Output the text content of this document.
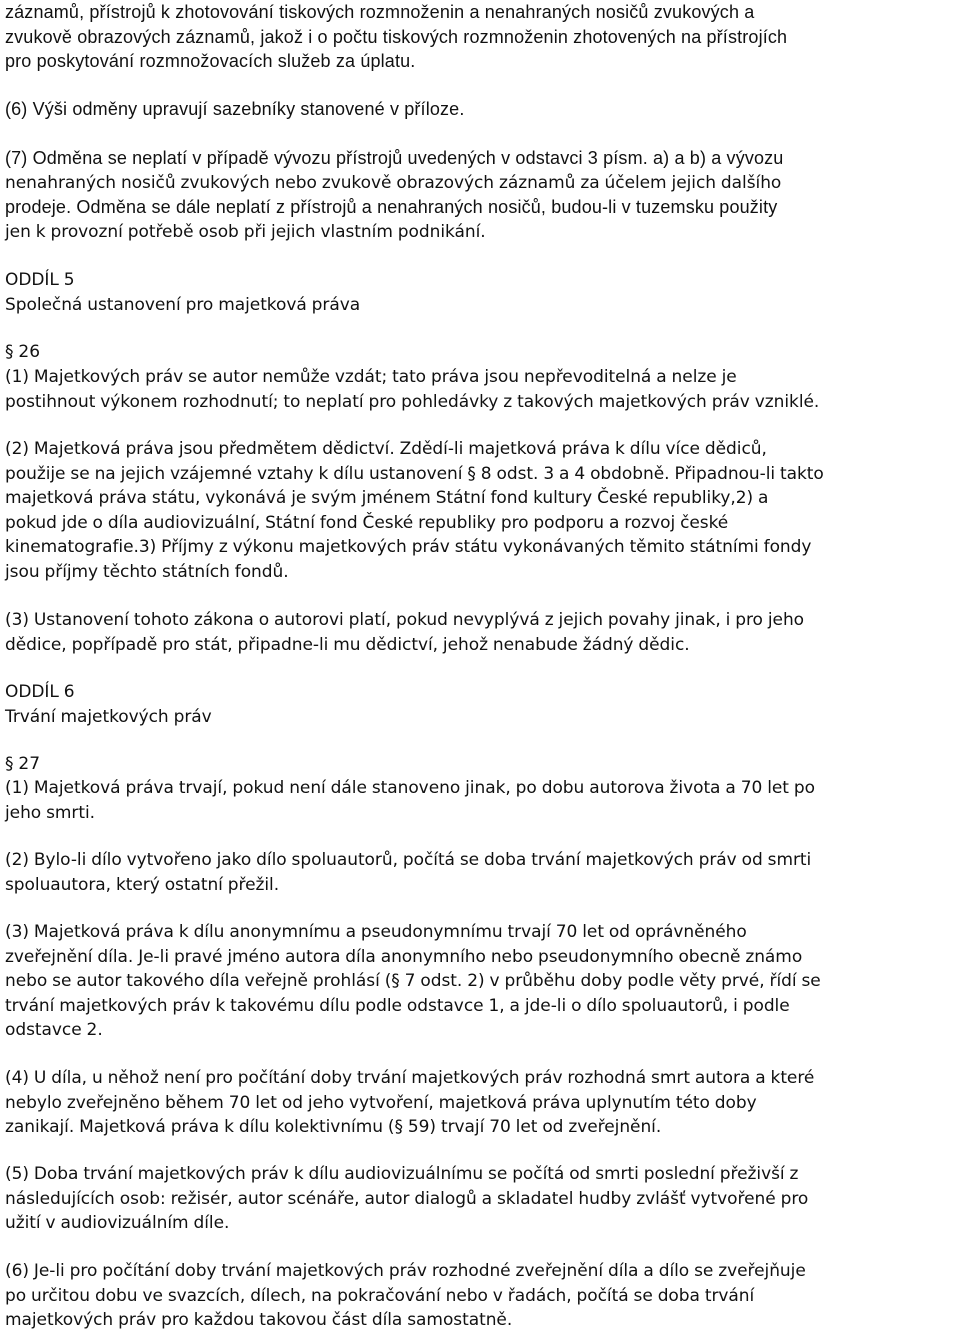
záznamů, přístrojů k zhotovování tiskových rozmnoženin a nenahraných nosičů zvukových a
zvukově obrazových záznamů, jakož i o počtu tiskových rozmnoženin zhotovených na přístrojích
pro poskytování rozmnožovacích služeb za úplatu.
(6) Výši odměny upravují sazebníky stanovené v příloze.
(7) Odměna se neplatí v případě vývozu přístrojů uvedených v odstavci 3 písm. a) a b) a vývozu
nenahraných nosičů zvukových nebo zvukově obrazových záznamů za účelem jejich dalšího
prodeje. Odměna se dále neplatí z přístrojů a nenahraných nosičů, budou-li v tuzemsku použity
jen k provozní potřebě osob při jejich vlastním podnikání.
ODDÍL 5
Společná ustanovení pro majetková práva
§ 26
(1) Majetkových práv se autor nemůže vzdát; tato práva jsou nepřevoditelná a nelze je
postihnout výkonem rozhodnutí; to neplatí pro pohledávky z takových majetkových práv vzniklé.
(2) Majetková práva jsou předmětem dědictví. Zdědí-li majetková práva k dílu více dědiců,
použije se na jejich vzájemné vztahy k dílu ustanovení § 8 odst. 3 a 4 obdobně. Připadnou-li takto
majetková práva státu, vykonává je svým jménem Státní fond kultury České republiky,2) a
pokud jde o díla audiovizuální, Státní fond České republiky pro podporu a rozvoj české
kinematografie.3) Příjmy z výkonu majetkových práv státu vykonávaných těmito státními fondy
jsou příjmy těchto státních fondů.
(3) Ustanovení tohoto zákona o autorovi platí, pokud nevyplývá z jejich povahy jinak, i pro jeho
dědice, popřípadě pro stát, připadne-li mu dědictví, jehož nenabude žádný dědic.
ODDÍL 6
Trvání majetkových práv
§ 27
(1) Majetková práva trvají, pokud není dále stanoveno jinak, po dobu autorova života a 70 let po
jeho smrti.
(2) Bylo-li dílo vytvořeno jako dílo spoluautorů, počítá se doba trvání majetkových práv od smrti
spoluautora, který ostatní přežil.
(3) Majetková práva k dílu anonymnímu a pseudonymnímu trvají 70 let od oprávněného
zveřejnění díla. Je-li pravé jméno autora díla anonymního nebo pseudonymního obecně známo
nebo se autor takového díla veřejně prohlásí (§ 7 odst. 2) v průběhu doby podle věty prvé, řídí se
trvání majetkových práv k takovému dílu podle odstavce 1, a jde-li o dílo spoluautorů, i podle
odstavce 2.
(4) U díla, u něhož není pro počítání doby trvání majetkových práv rozhodná smrt autora a které
nebylo zveřejněno během 70 let od jeho vytvoření, majetková práva uplynutím této doby
zanikají. Majetková práva k dílu kolektivnímu (§ 59) trvají 70 let od zveřejnění.
(5) Doba trvání majetkových práv k dílu audiovizuálnímu se počítá od smrti poslední přeživší z
následujících osob: režisér, autor scénáře, autor dialogů a skladatel hudby zvlášť vytvořené pro
užití v audiovizuálním díle.
(6) Je-li pro počítání doby trvání majetkových práv rozhodné zveřejnění díla a dílo se zveřejňuje
po určitou dobu ve svazcích, dílech, na pokračování nebo v řadách, počítá se doba trvání
majetkových práv pro každou takovou část díla samostatně.
